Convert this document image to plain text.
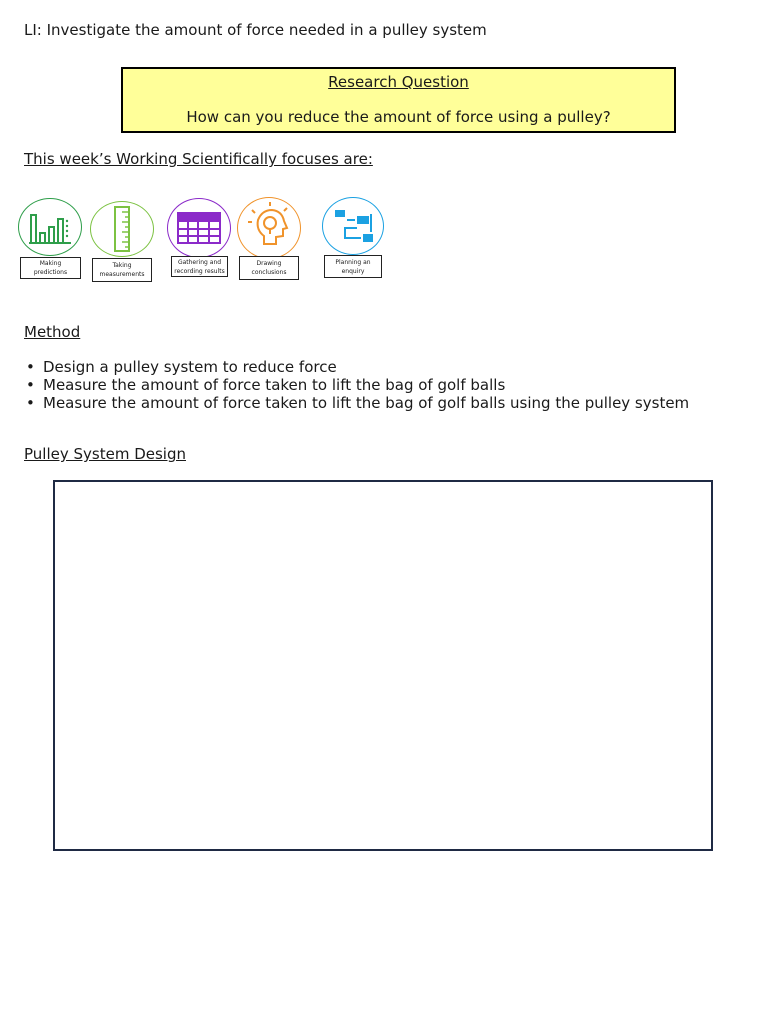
LI: Investigate the amount of force needed in a pulley system
Research Question
How can you reduce the amount of force using a pulley?
This week’s Working Scientifically focuses are:
Making predictions
Taking measurements
Gathering and recording results
Drawing conclusions
Planning an enquiry
Method
• Design a pulley system to reduce force
• Measure the amount of force taken to lift the bag of golf balls
• Measure the amount of force taken to lift the bag of golf balls using the pulley system
Pulley System Design
